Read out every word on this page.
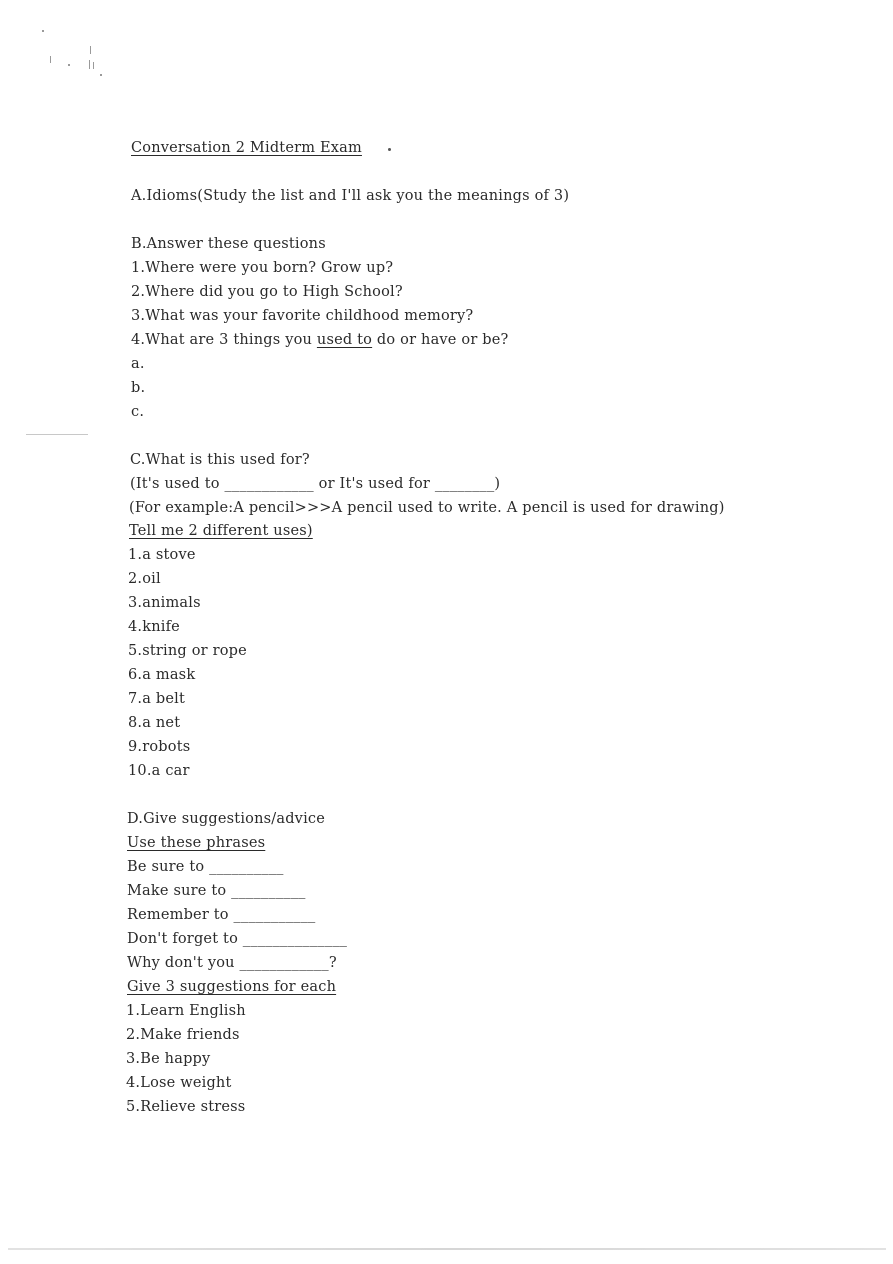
Conversation 2 Midterm Exam
A.Idioms(Study the list and I'll ask you the meanings of 3)
B.Answer these questions
1.Where were you born? Grow up?
2.Where did you go to High School?
3.What was your favorite childhood memory?
4.What are 3 things you used to do or have or be?
a.
b.
c.
C.What is this used for?
(It's used to ____________ or It's used for ________)
(For example:A pencil>>>A pencil used to write. A pencil is used for drawing)
Tell me 2 different uses)
1.a stove
2.oil
3.animals
4.knife
5.string or rope
6.a mask
7.a belt
8.a net
9.robots
10.a car
D.Give suggestions/advice
Use these phrases
Be sure to __________
Make sure to __________
Remember to ___________
Don't forget to ______________
Why don't you ____________?
Give 3 suggestions for each
1.Learn English
2.Make friends
3.Be happy
4.Lose weight
5.Relieve stress
